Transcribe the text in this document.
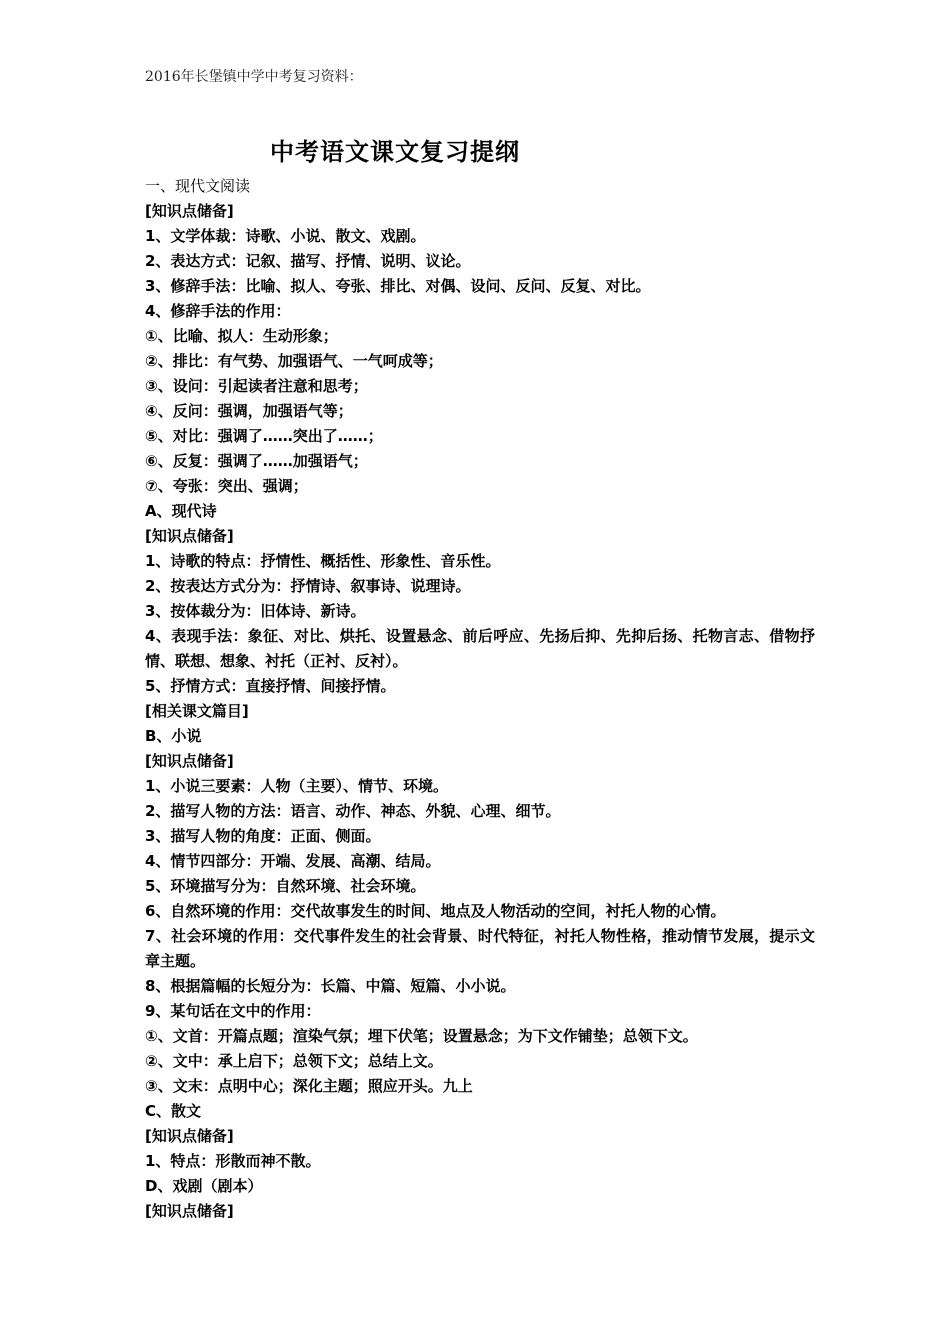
2016年长堡镇中学中考复习资料：
中考语文课文复习提纲
一、现代文阅读
[知识点储备]
1、文学体裁：诗歌、小说、散文、戏剧。
2、表达方式：记叙、描写、抒情、说明、议论。
3、修辞手法：比喻、拟人、夸张、排比、对偶、设问、反问、反复、对比。
4、修辞手法的作用：
①、比喻、拟人：生动形象；
②、排比：有气势、加强语气、一气呵成等；
③、设问：引起读者注意和思考；
④、反问：强调，加强语气等；
⑤、对比：强调了……突出了……；
⑥、反复：强调了……加强语气；
⑦、夸张：突出、强调；
A、现代诗
[知识点储备]
1、诗歌的特点：抒情性、概括性、形象性、音乐性。
2、按表达方式分为：抒情诗、叙事诗、说理诗。
3、按体裁分为：旧体诗、新诗。
4、表现手法：象征、对比、烘托、设置悬念、前后呼应、先扬后抑、先抑后扬、托物言志、借物抒情、联想、想象、衬托（正衬、反衬）。
5、抒情方式：直接抒情、间接抒情。
[相关课文篇目]
B、小说
[知识点储备]
1、小说三要素：人物（主要）、情节、环境。
2、描写人物的方法：语言、动作、神态、外貌、心理、细节。
3、描写人物的角度：正面、侧面。
4、情节四部分：开端、发展、高潮、结局。
5、环境描写分为：自然环境、社会环境。
6、自然环境的作用：交代故事发生的时间、地点及人物活动的空间，衬托人物的心情。
7、社会环境的作用：交代事件发生的社会背景、时代特征，衬托人物性格，推动情节发展，提示文章主题。
8、根据篇幅的长短分为：长篇、中篇、短篇、小小说。
9、某句话在文中的作用：
①、文首：开篇点题；渲染气氛；埋下伏笔；设置悬念；为下文作铺垫；总领下文。
②、文中：承上启下；总领下文；总结上文。
③、文末：点明中心；深化主题；照应开头。九上
C、散文
[知识点储备]
1、特点：形散而神不散。
D、戏剧（剧本）
[知识点储备]
